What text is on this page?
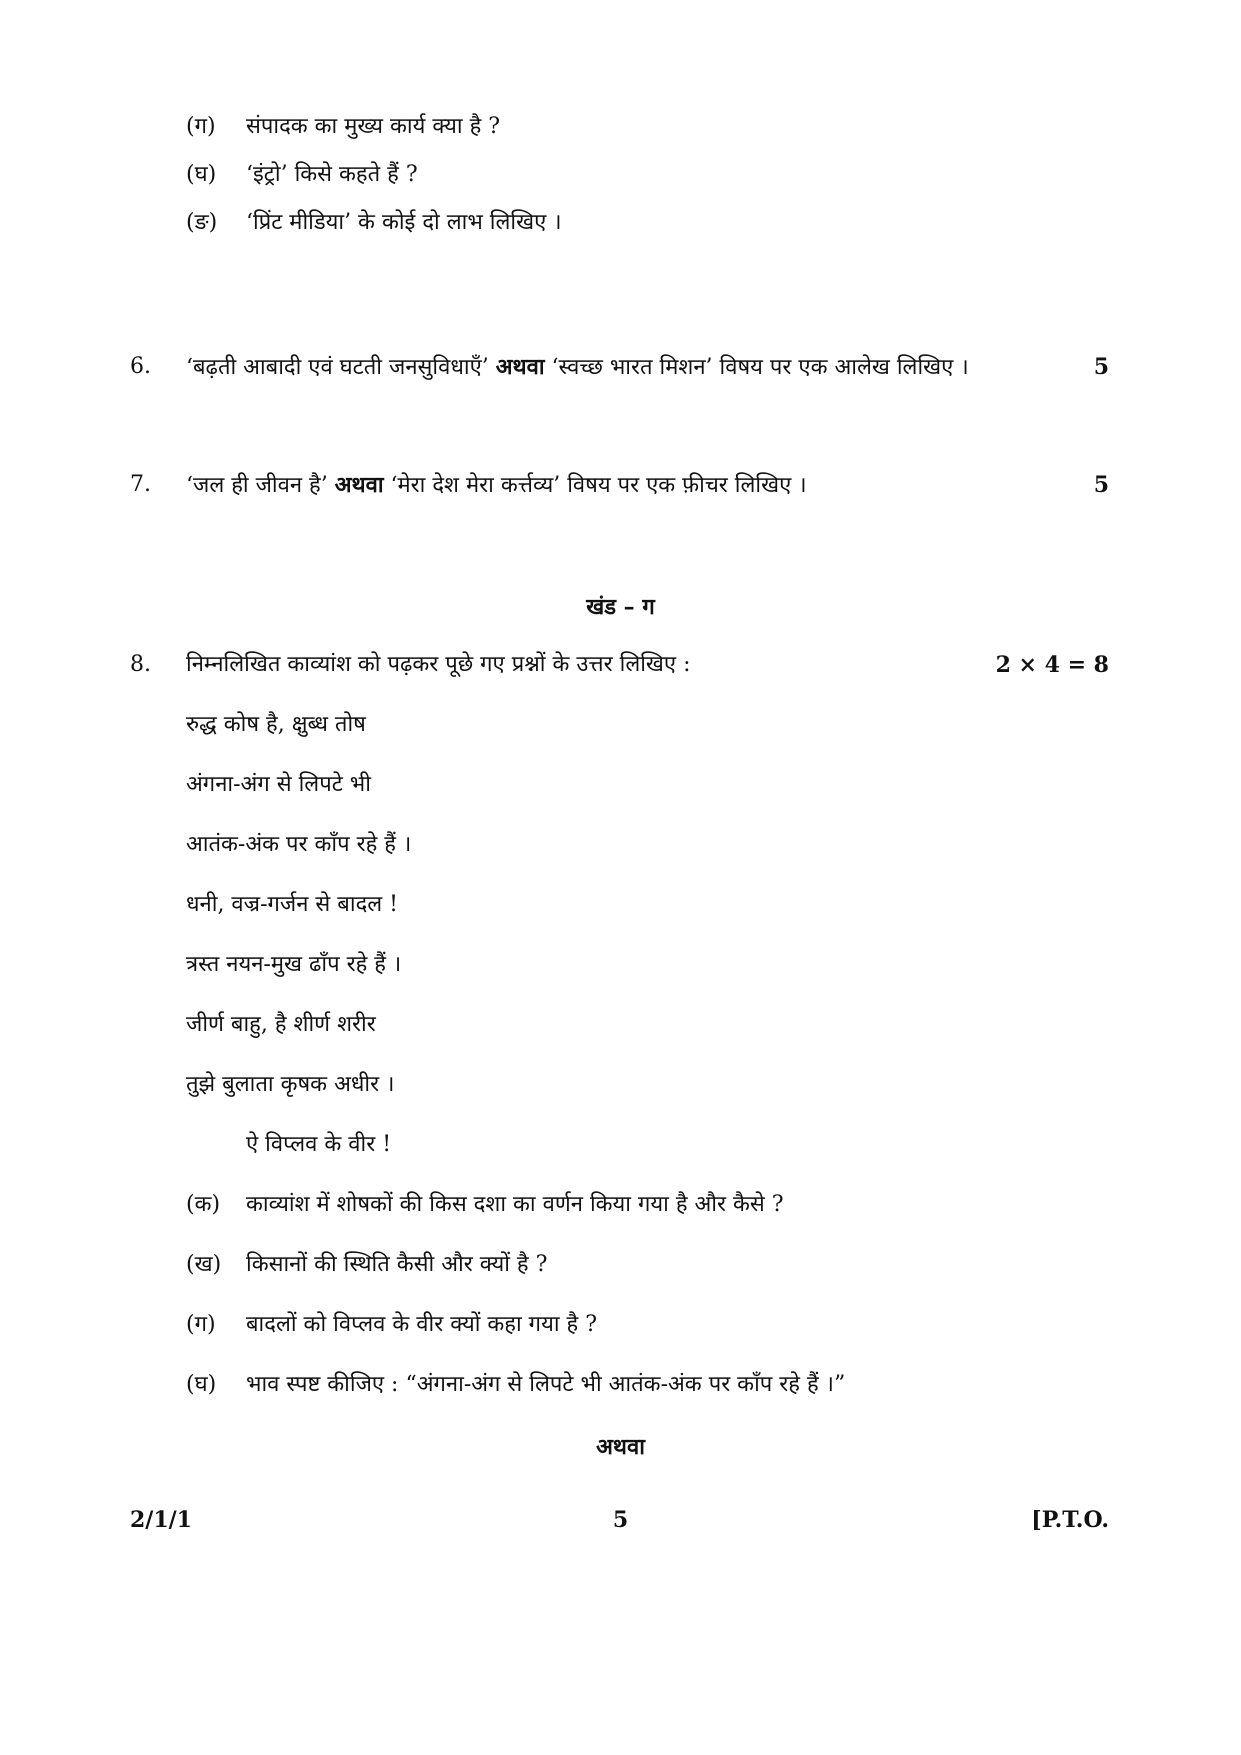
(ग) संपादक का मुख्य कार्य क्या है ?
(घ) ‘इंट्रो’ किसे कहते हैं ?
(ङ) ‘प्रिंट मीडिया’ के कोई दो लाभ लिखिए ।
6. ‘बढ़ती आबादी एवं घटती जनसुविधाएँ’ अथवा ‘स्वच्छ भारत मिशन’ विषय पर एक आलेख लिखिए ।	5
7. ‘जल ही जीवन है’ अथवा ‘मेरा देश मेरा कर्त्तव्य’ विषय पर एक फ़ीचर लिखिए ।	5
खंड – ग
8. निम्नलिखित काव्यांश को पढ़कर पूछे गए प्रश्नों के उत्तर लिखिए :	2 × 4 = 8
रुद्ध कोष है, क्षुब्ध तोष
अंगना-अंग से लिपटे भी
आतंक-अंक पर काँप रहे हैं ।
धनी, वज्र-गर्जन से बादल !
त्रस्त नयन-मुख ढाँप रहे हैं ।
जीर्ण बाहु, है शीर्ण शरीर
तुझे बुलाता कृषक अधीर ।
ऐ विप्लव के वीर !
(क) काव्यांश में शोषकों की किस दशा का वर्णन किया गया है और कैसे ?
(ख) किसानों की स्थिति कैसी और क्यों है ?
(ग) बादलों को विप्लव के वीर क्यों कहा गया है ?
(घ) भाव स्पष्ट कीजिए : “अंगना-अंग से लिपटे भी आतंक-अंक पर काँप रहे हैं ।”
अथवा
2/1/1	5	[P.T.O.
